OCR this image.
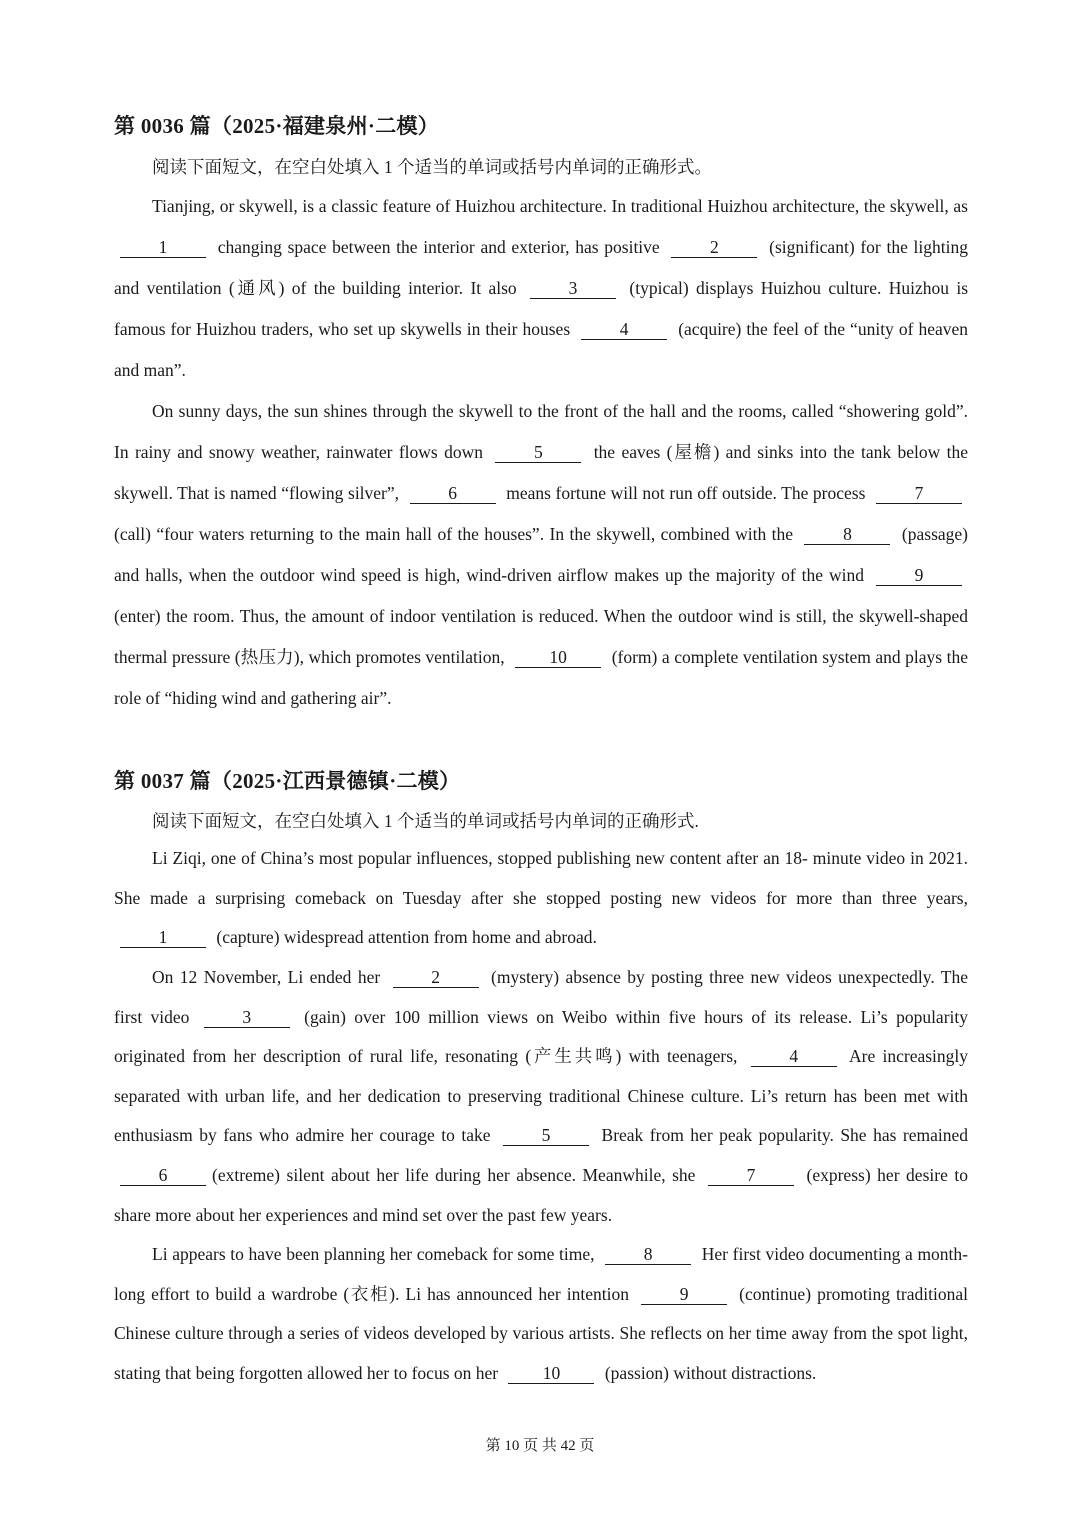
第 0036 篇（2025·福建泉州·二模）
阅读下面短文，在空白处填入 1 个适当的单词或括号内单词的正确形式。

Tianjing, or skywell, is a classic feature of Huizhou architecture. In traditional Huizhou architecture, the skywell, as 1	changing space between the interior and exterior, has positive	2	(significant) for the lighting and ventilation (通风) of the building interior. It also	3	(typical) displays Huizhou culture. Huizhou is famous for Huizhou traders, who set up skywells in their houses	4	(acquire) the feel of the “unity of heaven and man”.

On sunny days, the sun shines through the skywell to the front of the hall and the rooms, called “showering gold”. In rainy and snowy weather, rainwater flows down	5	the eaves (屋檐) and sinks into the tank below the skywell. That is named “flowing silver”,	6	means fortune will not run off outside. The process	7 (call) “four waters returning to the main hall of the houses”. In the skywell, combined with the	8	(passage) and halls, when the outdoor wind speed is high, wind-driven airflow makes up the majority of the wind	9 (enter) the room. Thus, the amount of indoor ventilation is reduced. When the outdoor wind is still, the skywell-shaped thermal pressure (热压力), which promotes ventilation, 10 (form) a complete ventilation system and plays the role of “hiding wind and gathering air”.

第 0037 篇（2025·江西景德镇·二模）
阅读下面短文，在空白处填入 1 个适当的单词或括号内单词的正确形式.

Li Ziqi, one of China’s most popular influences, stopped publishing new content after an 18- minute video in 2021. She made a surprising comeback on Tuesday after she stopped posting new videos for more than three years, 1	(capture) widespread attention from home and abroad.

On 12 November, Li ended her	2	(mystery) absence by posting three new videos unexpectedly. The first video	3	(gain) over 100 million views on Weibo within five hours of its release. Li’s popularity originated from her description of rural life, resonating (产生共鸣) with teenagers,	4	Are increasingly separated with urban life, and her dedication to preserving traditional Chinese culture. Li’s return has been met with enthusiasm by fans who admire her courage to take	5	Break from her peak popularity. She has remained 6	(extreme) silent about her life during her absence. Meanwhile, she	7	(express) her desire to share more about her experiences and mind set over the past few years.

Li appears to have been planning her comeback for some time,	8	Her first video documenting a month-long effort to build a wardrobe (衣柜). Li has announced her intention	9	(continue) promoting traditional Chinese culture through a series of videos developed by various artists. She reflects on her time away from the spot light, stating that being forgotten allowed her to focus on her 10 (passion) without distractions.

第 10 页 共 42 页
